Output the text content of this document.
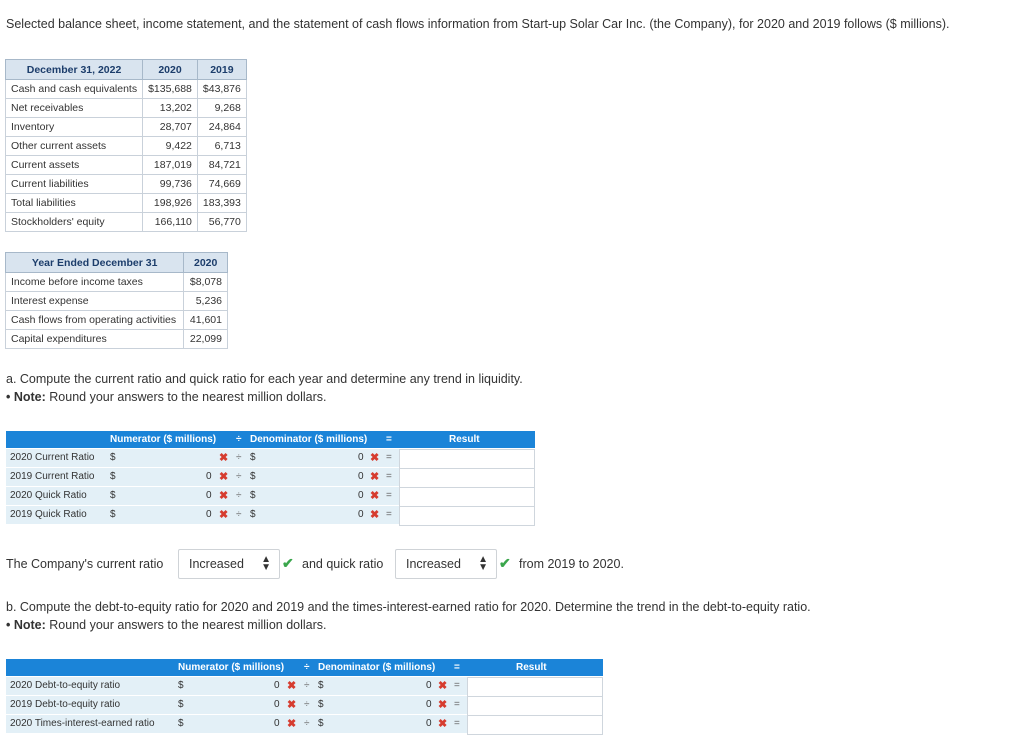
Selected balance sheet, income statement, and the statement of cash flows information from Start-up Solar Car Inc. (the Company), for 2020 and 2019 follows ($ millions).
December 31, 2022	2020	2019
Cash and cash equivalents	$135,688	$43,876
Net receivables	13,202	9,268
Inventory	28,707	24,864
Other current assets	9,422	6,713
Current assets	187,019	84,721
Current liabilities	99,736	74,669
Total liabilities	198,926	183,393
Stockholders' equity	166,110	56,770
Year Ended December 31	2020
Income before income taxes	$8,078
Interest expense	5,236
Cash flows from operating activities	41,601
Capital expenditures	22,099
a. Compute the current ratio and quick ratio for each year and determine any trend in liquidity.
• Note: Round your answers to the nearest million dollars.
Numerator ($ millions) ÷ Denominator ($ millions) =	Result
2020 Current Ratio $	✖ ÷ $	0 ✖ =
2019 Current Ratio $	0 ✖ ÷ $	0 ✖ =
2020 Quick Ratio $	0 ✖ ÷ $	0 ✖ =
2019 Quick Ratio $	0 ✖ ÷ $	0 ✖ =
The Company's current ratio Increased ▲
▼ ✔ and quick ratio Increased ▲
▼ ✔ from 2019 to 2020.
b. Compute the debt-to-equity ratio for 2020 and 2019 and the times-interest-earned ratio for 2020. Determine the trend in the debt-to-equity ratio.
• Note: Round your answers to the nearest million dollars.
Numerator ($ millions) ÷ Denominator ($ millions) =	Result
2020 Debt-to-equity ratio	$	0 ✖ ÷ $	0 ✖ =
2019 Debt-to-equity ratio	$	0 ✖ ÷ $	0 ✖ =
2020 Times-interest-earned ratio $	0 ✖ ÷ $	0 ✖ =
